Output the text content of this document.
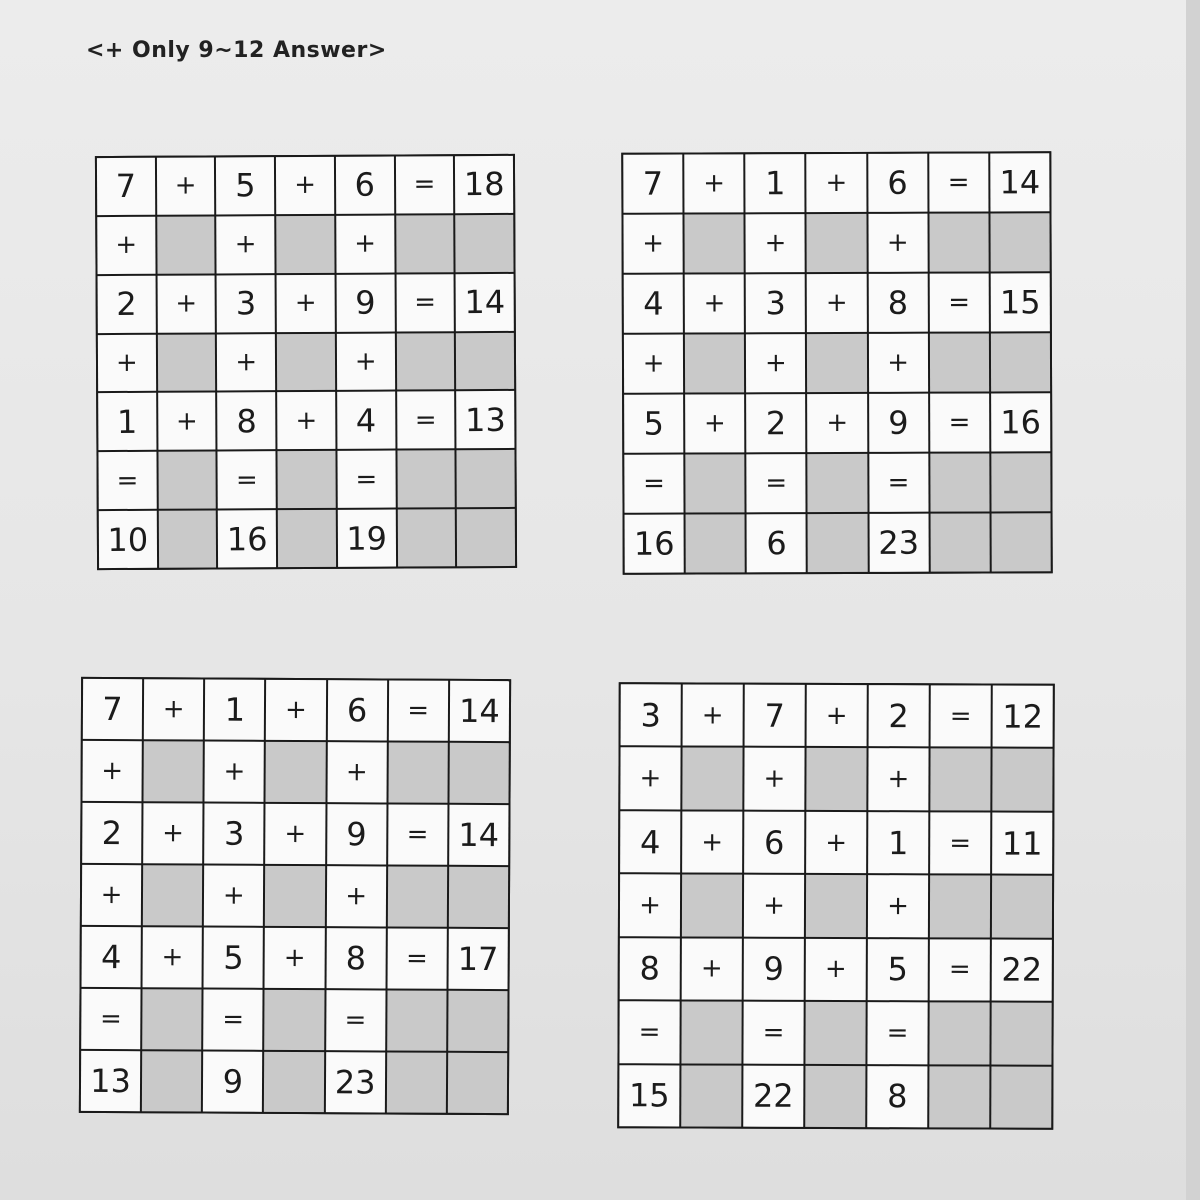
<+ Only 9~12 Answer>
7	+	5	+	6	= 18
+	+	+
2	+	3	+	9	= 14
+	+	+
1	+	8	+	4	= 13
=	=	=
10 16 19
7	+	1	+	6	= 14
+	+	+
4	+	3	+	8	= 15
+	+	+
5	+	2	+	9	= 16
=	=	=
16	6	23
7	+	1	+	6	= 14
+	+	+
2	+	3	+	9	= 14
+	+	+
4	+	5	+	8	= 17
=	=	=
13	9	23
3	+	7	+	2	= 12
+	+	+
4	+	6	+	1	= 11
+	+	+
8	+	9	+	5	= 22
=	=	=
15	22	8
